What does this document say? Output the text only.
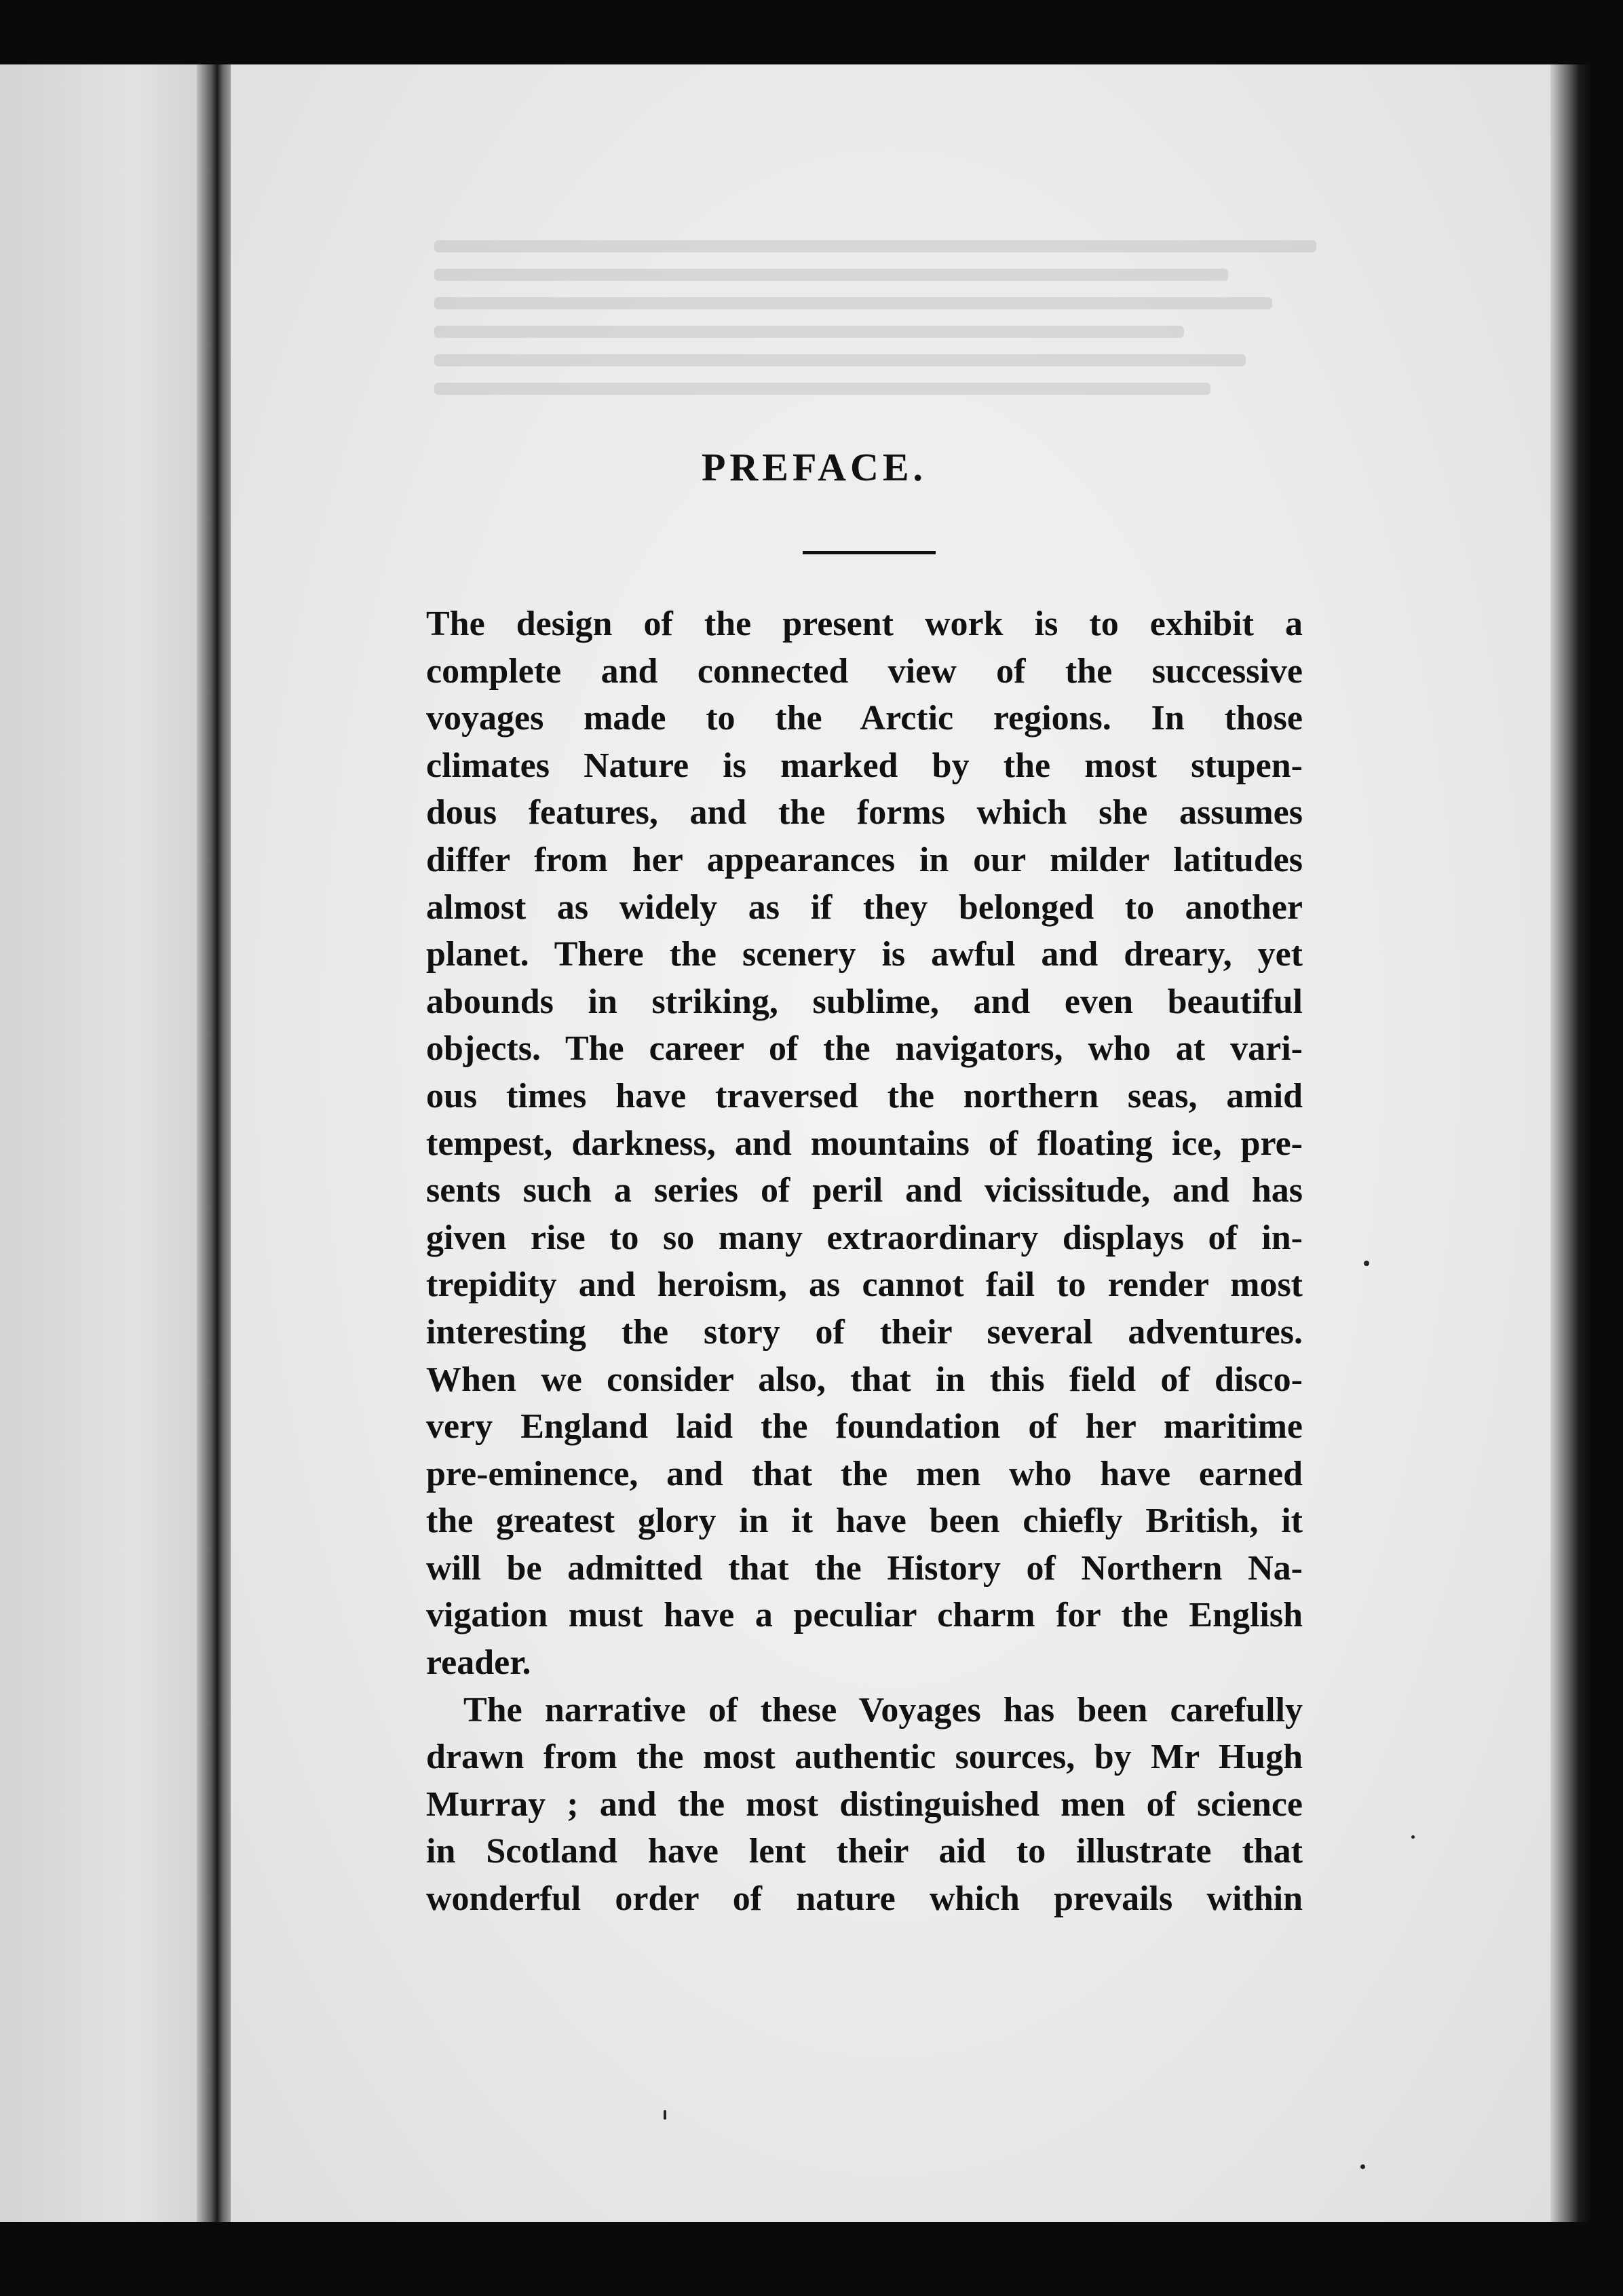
PREFACE.
The design of the present work is to exhibit a
complete and connected view of the successive
voyages made to the Arctic regions. In those
climates Nature is marked by the most stupen-
dous features, and the forms which she assumes
differ from her appearances in our milder latitudes
almost as widely as if they belonged to another
planet. There the scenery is awful and dreary, yet
abounds in striking, sublime, and even beautiful
objects. The career of the navigators, who at vari-
ous times have traversed the northern seas, amid
tempest, darkness, and mountains of floating ice, pre-
sents such a series of peril and vicissitude, and has
given rise to so many extraordinary displays of in-
trepidity and heroism, as cannot fail to render most
interesting the story of their several adventures.
When we consider also, that in this field of disco-
very England laid the foundation of her maritime
pre-eminence, and that the men who have earned
the greatest glory in it have been chiefly British, it
will be admitted that the History of Northern Na-
vigation must have a peculiar charm for the English
reader.
The narrative of these Voyages has been carefully
drawn from the most authentic sources, by Mr Hugh
Murray ; and the most distinguished men of science
in Scotland have lent their aid to illustrate that
wonderful order of nature which prevails within
